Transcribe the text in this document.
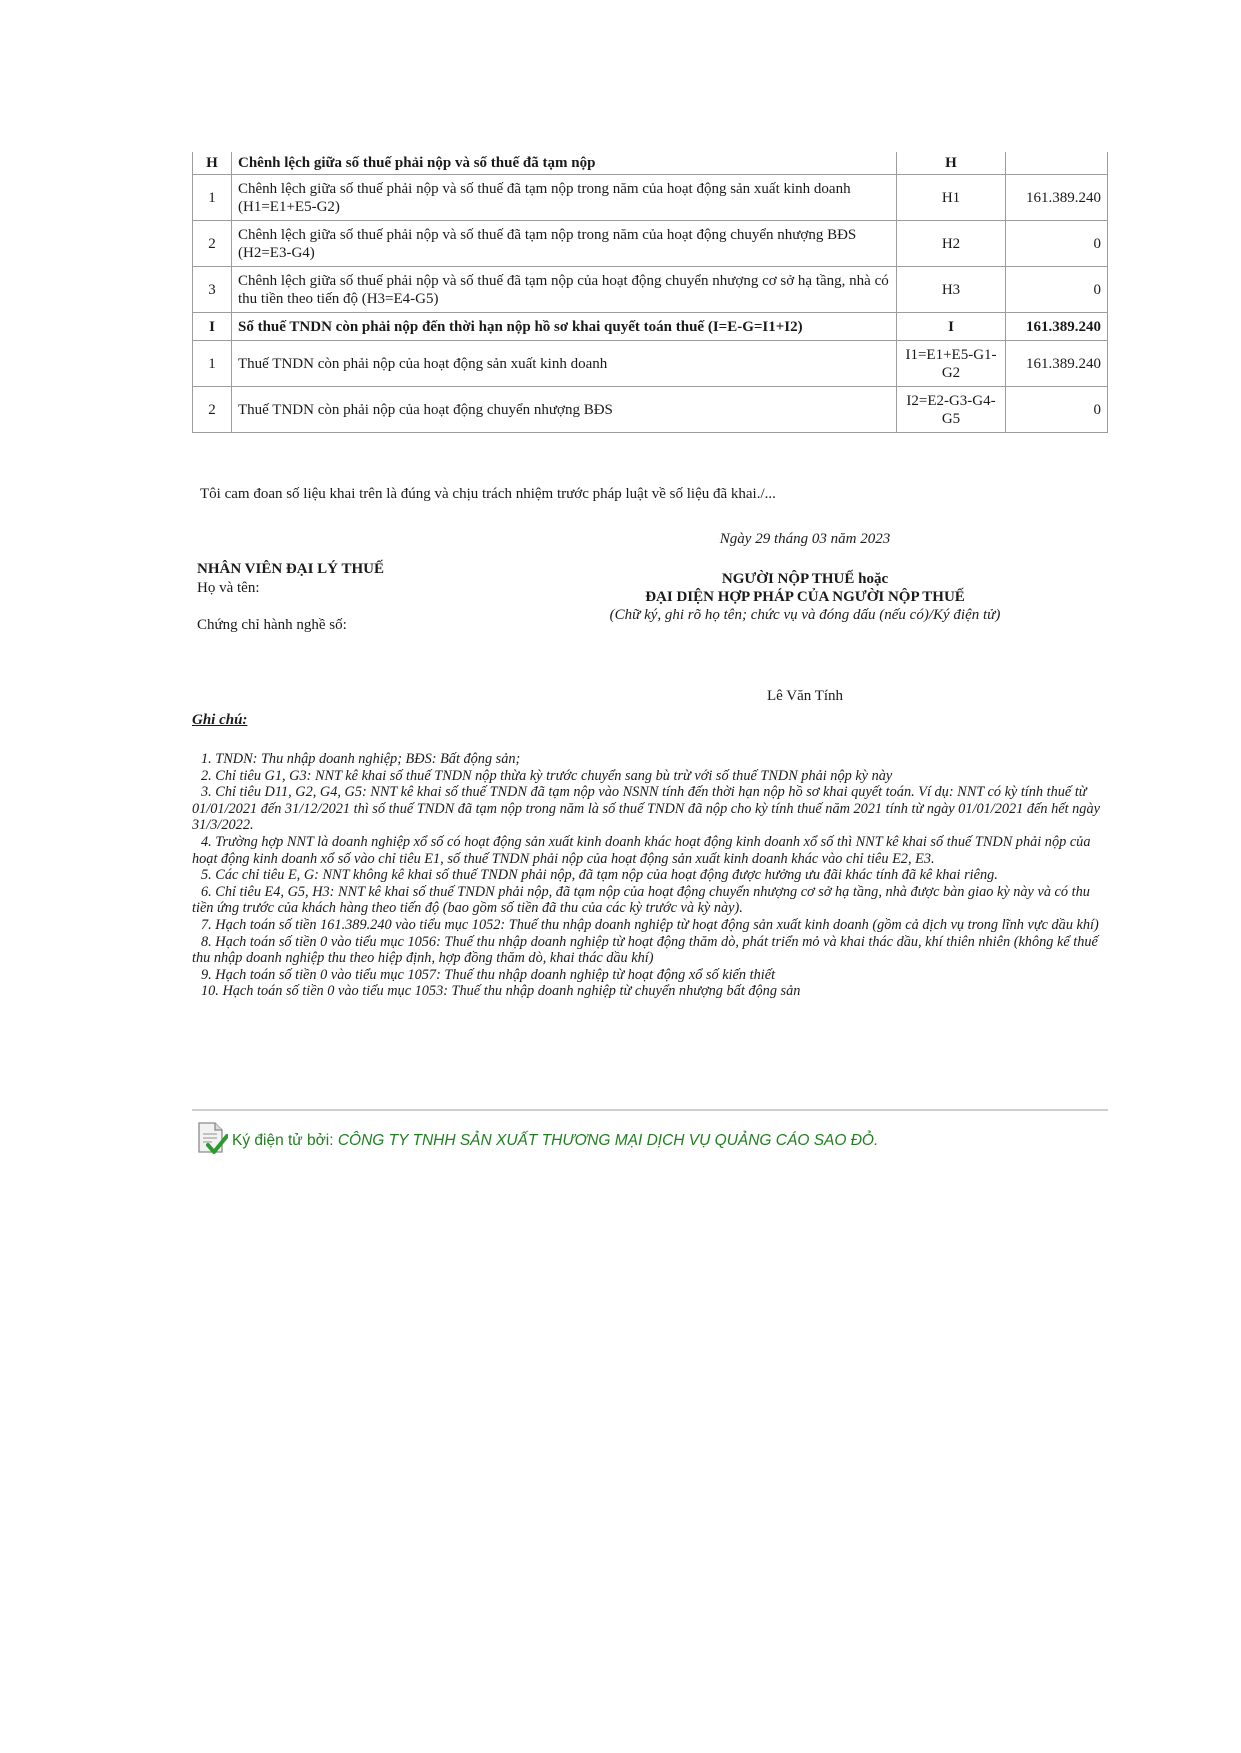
H	Chênh lệch giữa số thuế phải nộp và số thuế đã tạm nộp	H	
1	Chênh lệch giữa số thuế phải nộp và số thuế đã tạm nộp trong năm của hoạt động sản xuất kinh doanh (H1=E1+E5-G2)	H1	161.389.240
2	Chênh lệch giữa số thuế phải nộp và số thuế đã tạm nộp trong năm của hoạt động chuyển nhượng BĐS (H2=E3-G4)	H2	0
3	Chênh lệch giữa số thuế phải nộp và số thuế đã tạm nộp của hoạt động chuyển nhượng cơ sở hạ tầng, nhà có thu tiền theo tiến độ (H3=E4-G5)	H3	0
I	Số thuế TNDN còn phải nộp đến thời hạn nộp hồ sơ khai quyết toán thuế (I=E-G=I1+I2)	I	161.389.240
1	Thuế TNDN còn phải nộp của hoạt động sản xuất kinh doanh	I1=E1+E5-G1-G2	161.389.240
2	Thuế TNDN còn phải nộp của hoạt động chuyển nhượng BĐS	I2=E2-G3-G4-G5	0
Tôi cam đoan số liệu khai trên là đúng và chịu trách nhiệm trước pháp luật về số liệu đã khai./...
Ngày 29 tháng 03 năm 2023
NHÂN VIÊN ĐẠI LÝ THUẾ
Họ và tên:
Chứng chỉ hành nghề số:
NGƯỜI NỘP THUẾ hoặc
ĐẠI DIỆN HỢP PHÁP CỦA NGƯỜI NỘP THUẾ
(Chữ ký, ghi rõ họ tên; chức vụ và đóng dấu (nếu có)/Ký điện tử)
Lê Văn Tính
Ghi chú:
1. TNDN: Thu nhập doanh nghiệp; BĐS: Bất động sản;
2. Chỉ tiêu G1, G3: NNT kê khai số thuế TNDN nộp thừa kỳ trước chuyển sang bù trừ với số thuế TNDN phải nộp kỳ này
3. Chỉ tiêu D11, G2, G4, G5: NNT kê khai số thuế TNDN đã tạm nộp vào NSNN tính đến thời hạn nộp hồ sơ khai quyết toán. Ví dụ: NNT có kỳ tính thuế từ 01/01/2021 đến 31/12/2021 thì số thuế TNDN đã tạm nộp trong năm là số thuế TNDN đã nộp cho kỳ tính thuế năm 2021 tính từ ngày 01/01/2021 đến hết ngày 31/3/2022.
4. Trường hợp NNT là doanh nghiệp xổ số có hoạt động sản xuất kinh doanh khác hoạt động kinh doanh xổ số thì NNT kê khai số thuế TNDN phải nộp của hoạt động kinh doanh xổ số vào chỉ tiêu E1, số thuế TNDN phải nộp của hoạt động sản xuất kinh doanh khác vào chỉ tiêu E2, E3.
5. Các chỉ tiêu E, G: NNT không kê khai số thuế TNDN phải nộp, đã tạm nộp của hoạt động được hưởng ưu đãi khác tính đã kê khai riêng.
6. Chỉ tiêu E4, G5, H3: NNT kê khai số thuế TNDN phải nộp, đã tạm nộp của hoạt động chuyển nhượng cơ sở hạ tầng, nhà được bàn giao kỳ này và có thu tiền ứng trước của khách hàng theo tiến độ (bao gồm số tiền đã thu của các kỳ trước và kỳ này).
7. Hạch toán số tiền 161.389.240 vào tiểu mục 1052: Thuế thu nhập doanh nghiệp từ hoạt động sản xuất kinh doanh (gồm cả dịch vụ trong lĩnh vực dầu khí)
8. Hạch toán số tiền 0 vào tiểu mục 1056: Thuế thu nhập doanh nghiệp từ hoạt động thăm dò, phát triển mỏ và khai thác dầu, khí thiên nhiên (không kể thuế thu nhập doanh nghiệp thu theo hiệp định, hợp đồng thăm dò, khai thác dầu khí)
9. Hạch toán số tiền 0 vào tiểu mục 1057: Thuế thu nhập doanh nghiệp từ hoạt động xổ số kiến thiết
10. Hạch toán số tiền 0 vào tiểu mục 1053: Thuế thu nhập doanh nghiệp từ chuyển nhượng bất động sản
Ký điện tử bởi: CÔNG TY TNHH SẢN XUẤT THƯƠNG MẠI DỊCH VỤ QUẢNG CÁO SAO ĐỎ.
